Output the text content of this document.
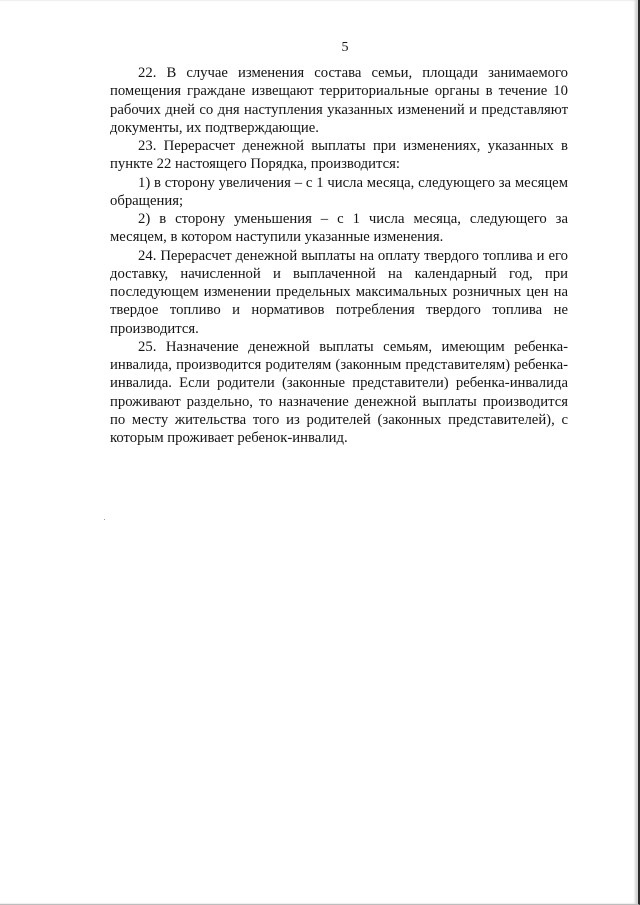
5

22. В случае изменения состава семьи, площади занимаемого помещения граждане извещают территориальные органы в течение 10 рабочих дней со дня наступления указанных изменений и представляют документы, их подтверждающие.

23. Перерасчет денежной выплаты при изменениях, указанных в пункте 22 настоящего Порядка, производится:

1) в сторону увеличения – с 1 числа месяца, следующего за месяцем обращения;

2) в сторону уменьшения – с 1 числа месяца, следующего за месяцем, в котором наступили указанные изменения.

24. Перерасчет денежной выплаты на оплату твердого топлива и его доставку, начисленной и выплаченной на календарный год, при последующем изменении предельных максимальных розничных цен на твердое топливо и нормативов потребления твердого топлива не производится.

25. Назначение денежной выплаты семьям, имеющим ребенка-инвалида, производится родителям (законным представителям) ребенка-инвалида. Если родители (законные представители) ребенка-инвалида проживают раздельно, то назначение денежной выплаты производится по месту жительства того из родителей (законных представителей), с которым проживает ребенок-инвалид.
